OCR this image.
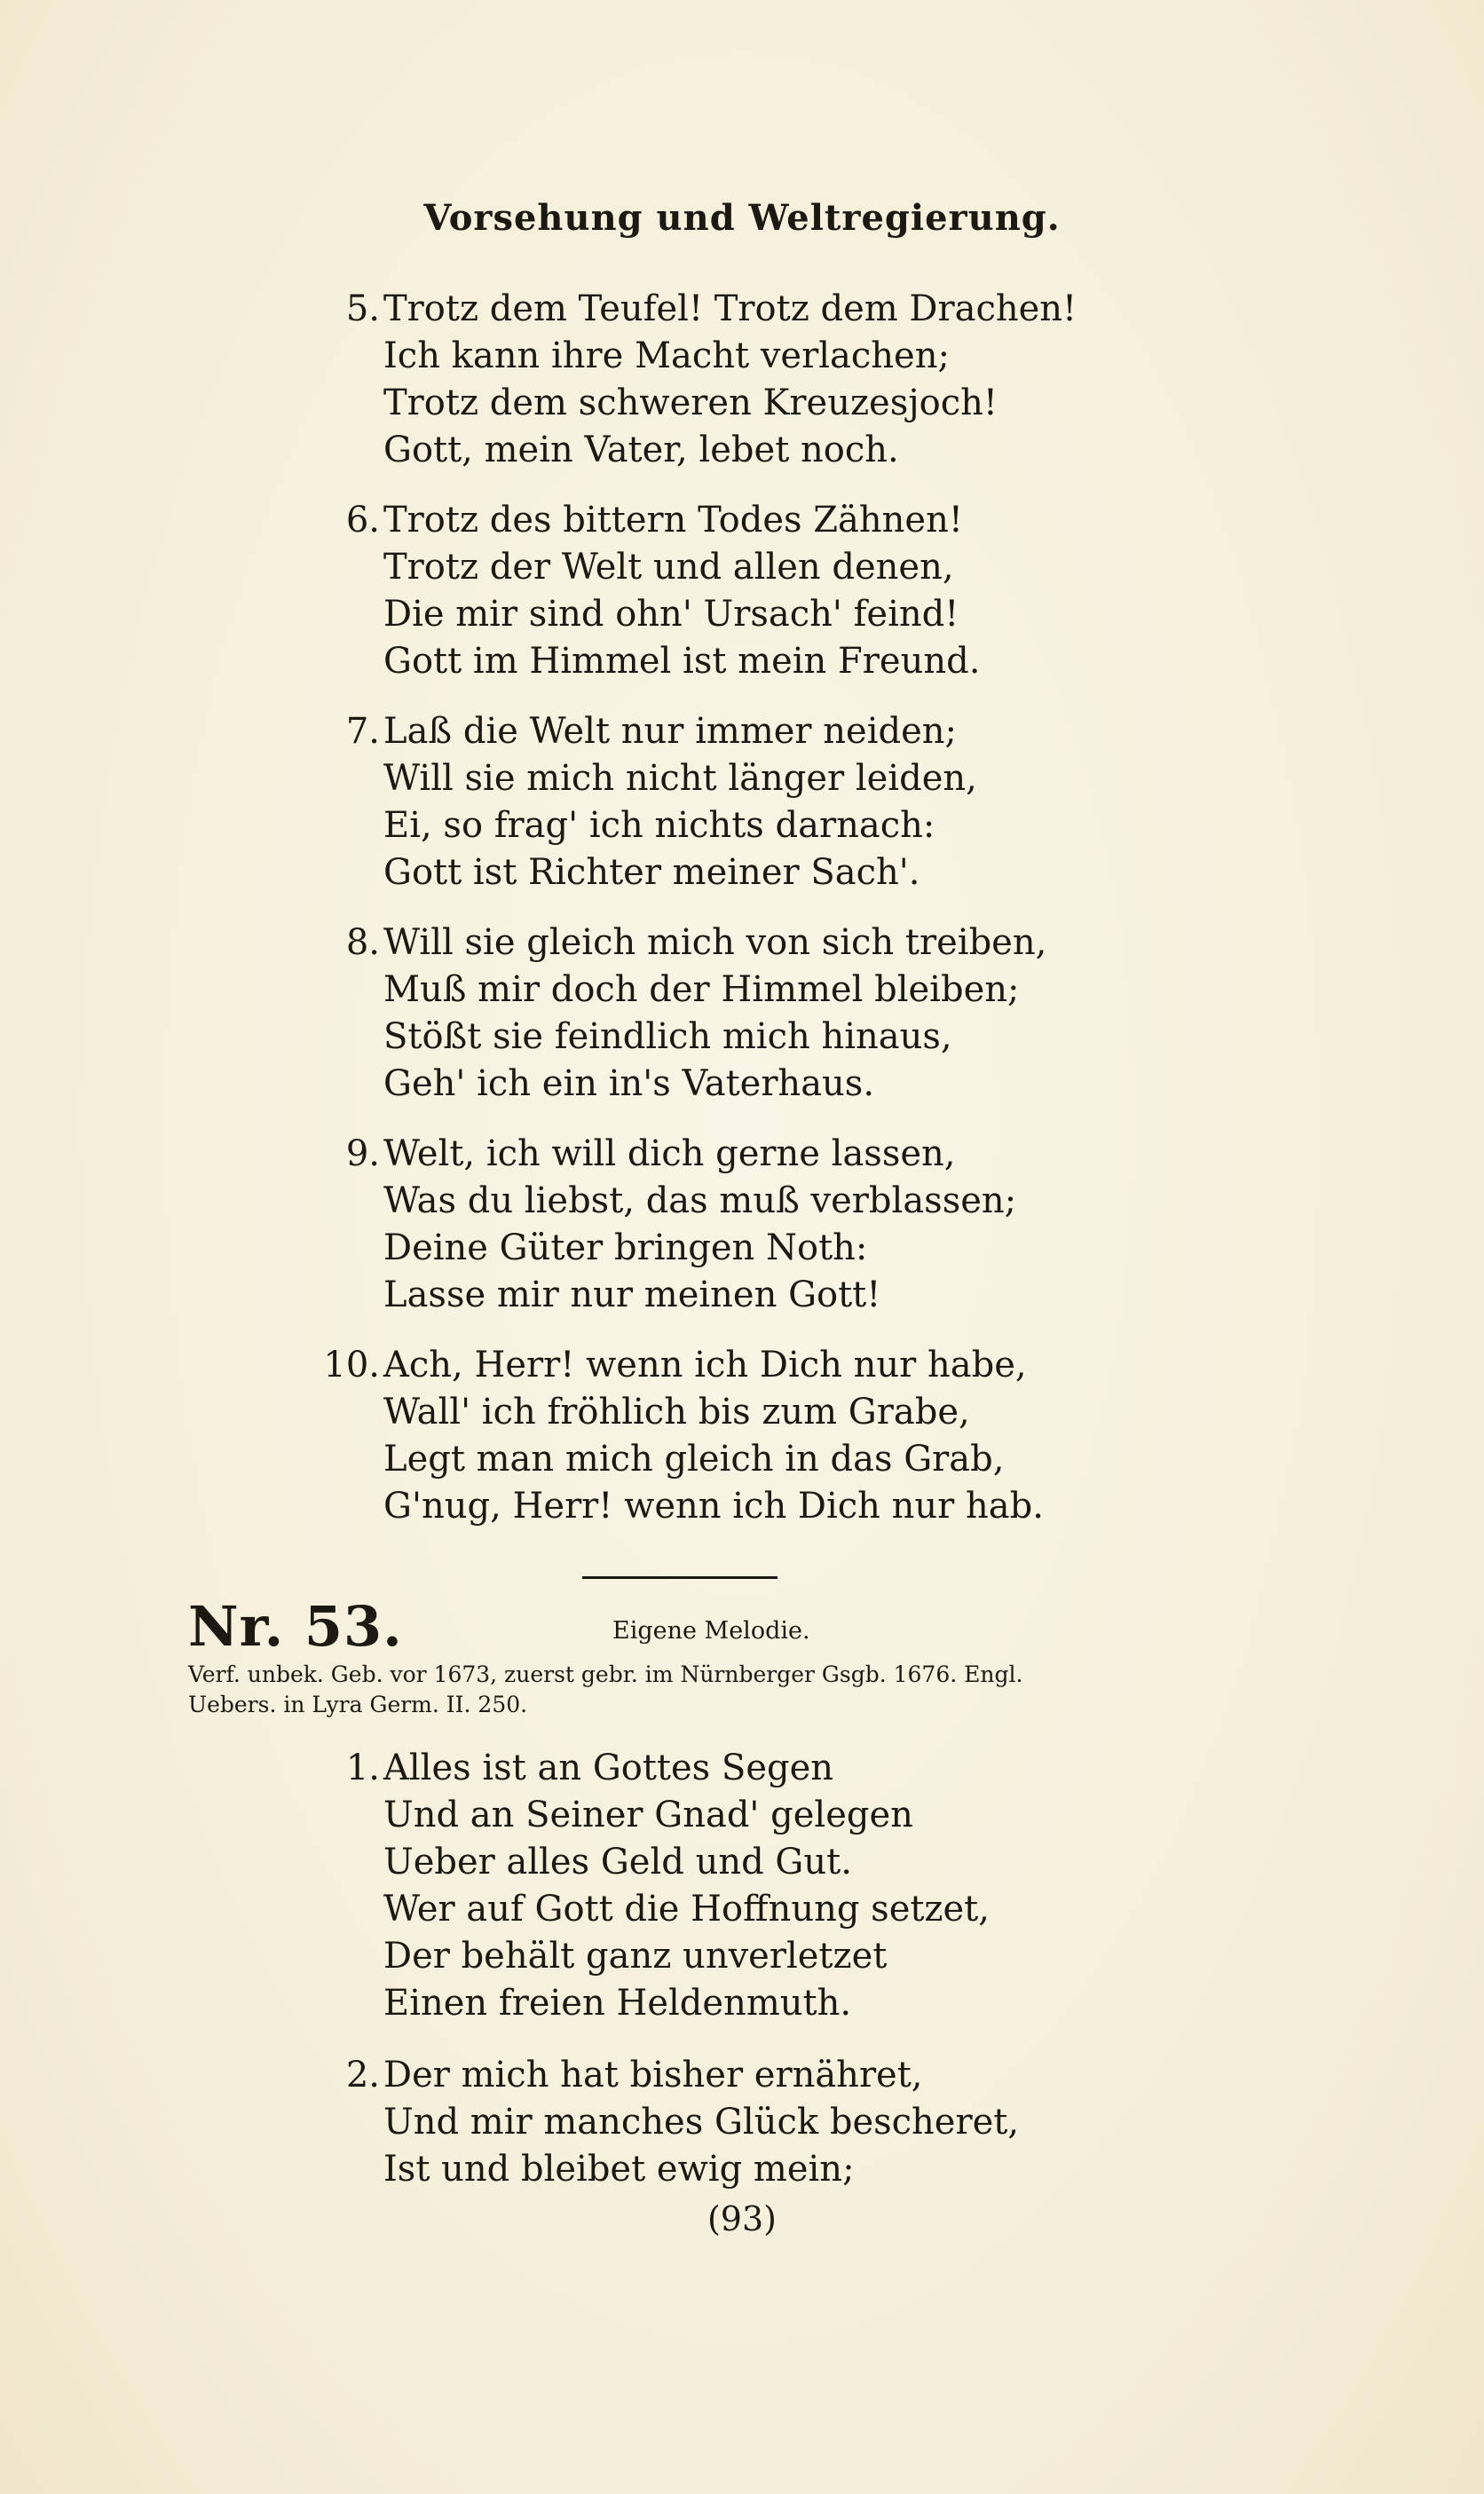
Vorsehung und Weltregierung.
5. Trotz dem Teufel! Trotz dem Drachen!
Ich kann ihre Macht verlachen;
Trotz dem schweren Kreuzesjoch!
Gott, mein Vater, lebet noch.
6. Trotz des bittern Todes Zähnen!
Trotz der Welt und allen denen,
Die mir sind ohn' Ursach' feind!
Gott im Himmel ist mein Freund.
7. Laß die Welt nur immer neiden;
Will sie mich nicht länger leiden,
Ei, so frag' ich nichts darnach:
Gott ist Richter meiner Sach'.
8. Will sie gleich mich von sich treiben,
Muß mir doch der Himmel bleiben;
Stößt sie feindlich mich hinaus,
Geh' ich ein in's Vaterhaus.
9. Welt, ich will dich gerne lassen,
Was du liebst, das muß verblassen;
Deine Güter bringen Noth:
Lasse mir nur meinen Gott!
10. Ach, Herr! wenn ich Dich nur habe,
Wall' ich fröhlich bis zum Grabe,
Legt man mich gleich in das Grab,
G'nug, Herr! wenn ich Dich nur hab.
Nr. 53.	Eigene Melodie.
Verf. unbek. Geb. vor 1673, zuerst gebr. im Nürnberger Gsgb. 1676. Engl.
Uebers. in Lyra Germ. II. 250.
1. Alles ist an Gottes Segen
Und an Seiner Gnad' gelegen
Ueber alles Geld und Gut.
Wer auf Gott die Hoffnung setzet,
Der behält ganz unverletzet
Einen freien Heldenmuth.
2. Der mich hat bisher ernähret,
Und mir manches Glück bescheret,
Ist und bleibet ewig mein;
(93)
